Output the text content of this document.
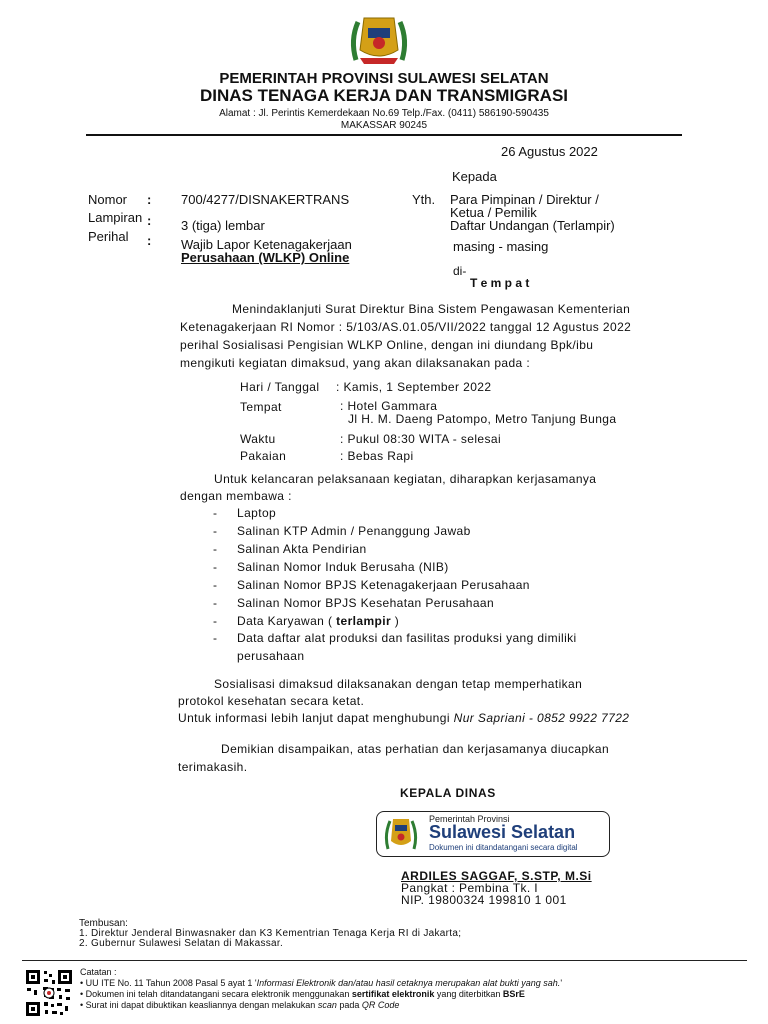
PEMERINTAH PROVINSI SULAWESI SELATAN
DINAS TENAGA KERJA DAN TRANSMIGRASI
Alamat : Jl. Perintis Kemerdekaan No.69 Telp./Fax. (0411) 586190-590435
MAKASSAR 90245
26 Agustus 2022
Kepada
Nomor : 700/4277/DISNAKERTRANS
Lampiran : 3 (tiga) lembar
Perihal : Wajib Lapor Ketenagakerjaan
Perusahaan (WLKP) Online
Yth. Para Pimpinan / Direktur /
Ketua / Pemilik
Daftar Undangan (Terlampir)
masing - masing
di-
T e m p a t
Menindaklanjuti Surat Direktur Bina Sistem Pengawasan Kementerian
Ketenagakerjaan RI Nomor : 5/103/AS.01.05/VII/2022 tanggal 12 Agustus 2022
perihal Sosialisasi Pengisian WLKP Online, dengan ini diundang Bpk/ibu
mengikuti kegiatan dimaksud, yang akan dilaksanakan pada :
Hari / Tanggal : Kamis, 1 September 2022
Tempat	: Hotel Gammara
Jl H. M. Daeng Patompo, Metro Tanjung Bunga
Waktu	: Pukul 08:30 WITA - selesai
Pakaian	: Bebas Rapi
Untuk kelancaran pelaksanaan kegiatan, diharapkan kerjasamanya
dengan membawa :
- Laptop
- Salinan KTP Admin / Penanggung Jawab
- Salinan Akta Pendirian
- Salinan Nomor Induk Berusaha (NIB)
- Salinan Nomor BPJS Ketenagakerjaan Perusahaan
- Salinan Nomor BPJS Kesehatan Perusahaan
- Data Karyawan ( terlampir )
- Data daftar alat produksi dan fasilitas produksi yang dimiliki
perusahaan
Sosialisasi dimaksud dilaksanakan dengan tetap memperhatikan
protokol kesehatan secara ketat.
Untuk informasi lebih lanjut dapat menghubungi Nur Sapriani - 0852 9922 7722
Demikian disampaikan, atas perhatian dan kerjasamanya diucapkan
terimakasih.
KEPALA DINAS
Pemerintah Provinsi
Sulawesi Selatan
Dokumen ini ditandatangani secara digital
ARDILES SAGGAF, S.STP, M.Si
Pangkat : Pembina Tk. I
NIP. 19800324 199810 1 001
Tembusan:
1. Direktur Jenderal Binwasnaker dan K3 Kementrian Tenaga Kerja RI di Jakarta;
2. Gubernur Sulawesi Selatan di Makassar.
Catatan :
• UU ITE No. 11 Tahun 2008 Pasal 5 ayat 1 'Informasi Elektronik dan/atau hasil cetaknya merupakan alat bukti yang sah.'
• Dokumen ini telah ditandatangani secara elektronik menggunakan sertifikat elektronik yang diterbitkan BSrE
• Surat ini dapat dibuktikan keasliannya dengan melakukan scan pada QR Code
